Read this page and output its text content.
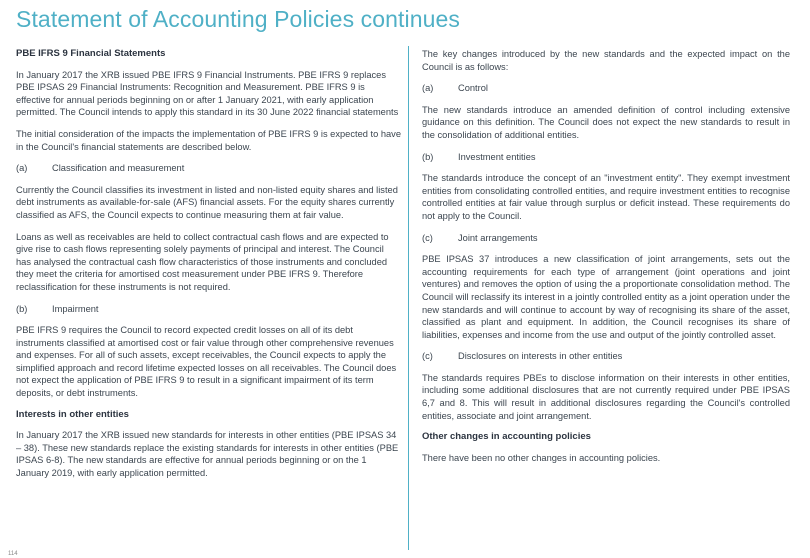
Statement of Accounting Policies continues
PBE IFRS 9 Financial Statements

In January 2017 the XRB issued PBE IFRS 9 Financial Instruments. PBE IFRS 9 replaces PBE IPSAS 29 Financial Instruments: Recognition and Measurement. PBE IFRS 9 is effective for annual periods beginning on or after 1 January 2021, with early application permitted. The Council intends to apply this standard in its 30 June 2022 financial statements

The initial consideration of the impacts the implementation of PBE IFRS 9 is expected to have in the Council's financial statements are described below.

(a)	Classification and measurement

Currently the Council classifies its investment in listed and non-listed equity shares and listed debt instruments as available-for-sale (AFS) financial assets. For the equity shares currently classified as AFS, the Council expects to continue measuring them at fair value.

Loans as well as receivables are held to collect contractual cash flows and are expected to give rise to cash flows representing solely payments of principal and interest. The Council has analysed the contractual cash flow characteristics of those instruments and concluded they meet the criteria for amortised cost measurement under PBE IFRS 9. Therefore reclassification for these instruments is not required.

(b)	Impairment

PBE IFRS 9 requires the Council to record expected credit losses on all of its debt instruments classified at amortised cost or fair value through other comprehensive revenues and expenses. For all of such assets, except receivables, the Council expects to apply the simplified approach and record lifetime expected losses on all receivables. The Council does not expect the application of PBE IFRS 9 to result in a significant impairment of its term deposits, or debt instruments.

Interests in other entities

In January 2017 the XRB issued new standards for interests in other entities (PBE IPSAS 34 – 38). These new standards replace the existing standards for interests in other entities (PBE IPSAS 6-8). The new standards are effective for annual periods beginning or on the 1 January 2019, with early application permitted.

The key changes introduced by the new standards and the expected impact on the Council is as follows:

(a)	Control

The new standards introduce an amended definition of control including extensive guidance on this definition. The Council does not expect the new standards to result in the consolidation of additional entities.

(b)	Investment entities

The standards introduce the concept of an "investment entity". They exempt investment entities from consolidating controlled entities, and require investment entities to recognise controlled entities at fair value through surplus or deficit instead. These requirements do not apply to the Council.

(c)	Joint arrangements

PBE IPSAS 37 introduces a new classification of joint arrangements, sets out the accounting requirements for each type of arrangement (joint operations and joint ventures) and removes the option of using the a proportionate consolidation method. The Council will reclassify its interest in a jointly controlled entity as a joint operation under the new standards and will continue to account by way of recognising its share of the asset, classified as plant and equipment. In addition, the Council recognises its share of liabilities, expenses and income from the use and output of the jointly controlled asset.

(c)	Disclosures on interests in other entities

The standards requires PBEs to disclose information on their interests in other entities, including some additional disclosures that are not currently required under PBE IPSAS 6,7 and 8. This will result in additional disclosures regarding the Council's controlled entities, associate and joint arrangement.

Other changes in accounting policies

There have been no other changes in accounting policies.

114
